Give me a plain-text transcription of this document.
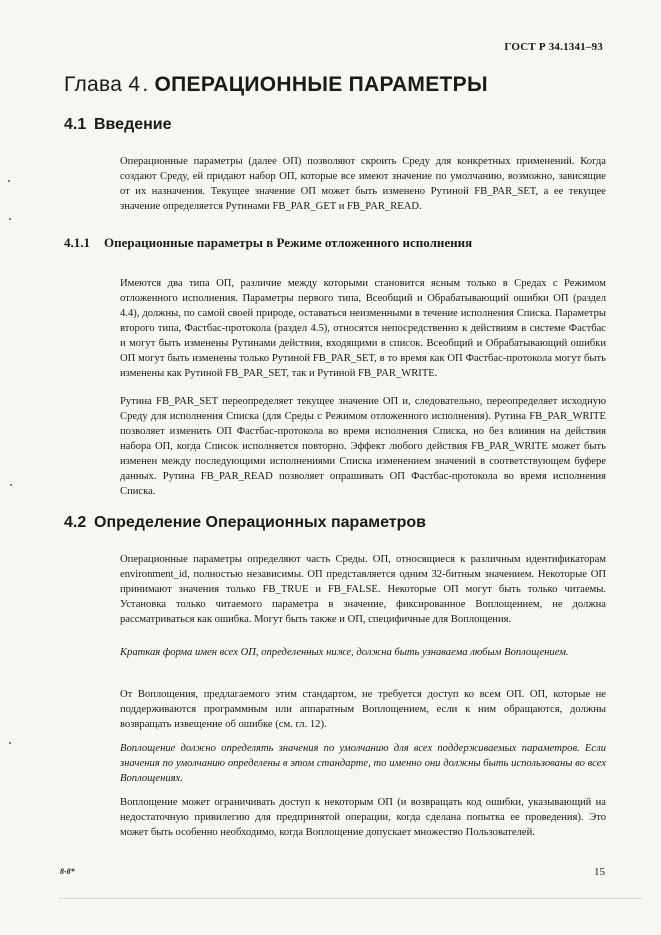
ГОСТ Р 34.1341–93
Глава 4. ОПЕРАЦИОННЫЕ ПАРАМЕТРЫ
4.1 Введение

Операционные параметры (далее ОП) позволяют скроить Среду для конкретных применений. Когда создают Среду, ей придают набор ОП, которые все имеют значение по умолчанию, возможно, зависящие от их назначения. Текущее значение ОП может быть изменено Рутиной FB_PAR_SET, а ее текущее значение определяется Рутинами FB_PAR_GET и FB_PAR_READ.

4.1.1 Операционные параметры в Режиме отложенного исполнения

Имеются два типа ОП, различие между которыми становится ясным только в Средах с Режимом отложенного исполнения. Параметры первого типа, Всеобщий и Обрабатывающий ошибки ОП (раздел 4.4), должны, по самой своей природе, оставаться неизменными в течение исполнения Списка. Параметры второго типа, Фастбас-протокола (раздел 4.5), относятся непосредственно к действиям в системе Фастбас и могут быть изменены Рутинами действия, входящими в список. Всеобщий и Обрабатывающий ошибки ОП могут быть изменены только Рутиной FB_PAR_SET, в то время как ОП Фастбас-протокола могут быть изменены как Рутиной FB_PAR_SET, так и Рутиной FB_PAR_WRITE.

Рутина FB_PAR_SET переопределяет текущее значение ОП и, следовательно, переопределяет исходную Среду для исполнения Списка (для Среды с Режимом отложенного исполнения). Рутина FB_PAR_WRITE позволяет изменить ОП Фастбас-протокола во время исполнения Списка, но без влияния на действия набора ОП, когда Список исполняется повторно. Эффект любого действия FB_PAR_WRITE может быть изменен между последующими исполнениями Списка изменением значений в соответствующем буфере данных. Рутина FB_PAR_READ позволяет опрашивать ОП Фастбас-протокола во время исполнения Списка.

4.2 Определение Операционных параметров

Операционные параметры определяют часть Среды. ОП, относящиеся к различным идентификаторам environment_id, полностью независимы. ОП представляется одним 32-битным значением. Некоторые ОП принимают значения только FB_TRUE и FB_FALSE. Некоторые ОП могут быть только читаемы. Установка только читаемого параметра в значение, фиксированное Воплощением, не должна рассматриваться как ошибка. Могут быть также и ОП, специфичные для Воплощения.

Краткая форма имен всех ОП, определенных ниже, должна быть узнаваема любым Воплощением.

От Воплощения, предлагаемого этим стандартом, не требуется доступ ко всем ОП. ОП, которые не поддерживаются программным или аппаратным Воплощением, если к ним обращаются, должны возвращать извещение об ошибке (см. гл. 12).

Воплощение должно определять значения по умолчанию для всех поддерживаемых параметров. Если значения по умолчанию определены в этом стандарте, то именно они должны быть использованы во всех Воплощениях.

Воплощение может ограничивать доступ к некоторым ОП (и возвращать код ошибки, указывающий на недостаточную привилегию для предпринятой операции, когда сделана попытка ее проведения). Это может быть особенно необходимо, когда Воплощение допускает множество Пользователей.

8-8*	15
